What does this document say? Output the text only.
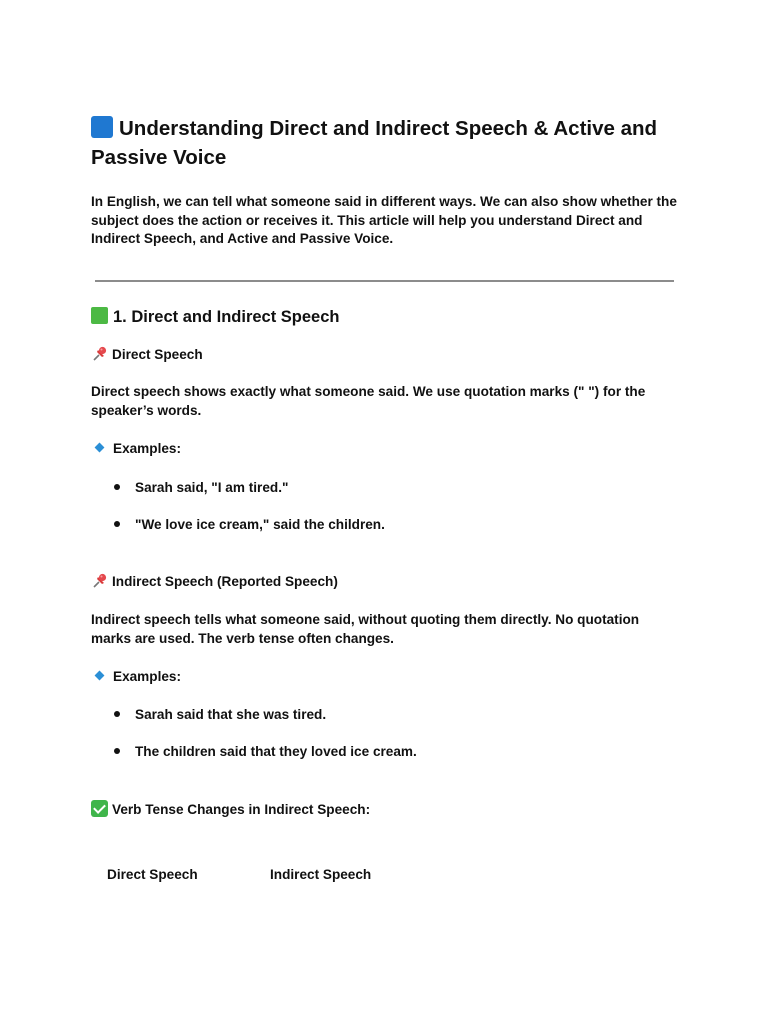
Understanding Direct and Indirect Speech & Active and Passive Voice
In English, we can tell what someone said in different ways. We can also show whether the subject does the action or receives it. This article will help you understand Direct and Indirect Speech, and Active and Passive Voice.
1. Direct and Indirect Speech
Direct Speech
Direct speech shows exactly what someone said. We use quotation marks (" ") for the speaker’s words.
Examples:
Sarah said, "I am tired."
"We love ice cream," said the children.
Indirect Speech (Reported Speech)
Indirect speech tells what someone said, without quoting them directly. No quotation marks are used. The verb tense often changes.
Examples:
Sarah said that she was tired.
The children said that they loved ice cream.
Verb Tense Changes in Indirect Speech:
Direct Speech	Indirect Speech
